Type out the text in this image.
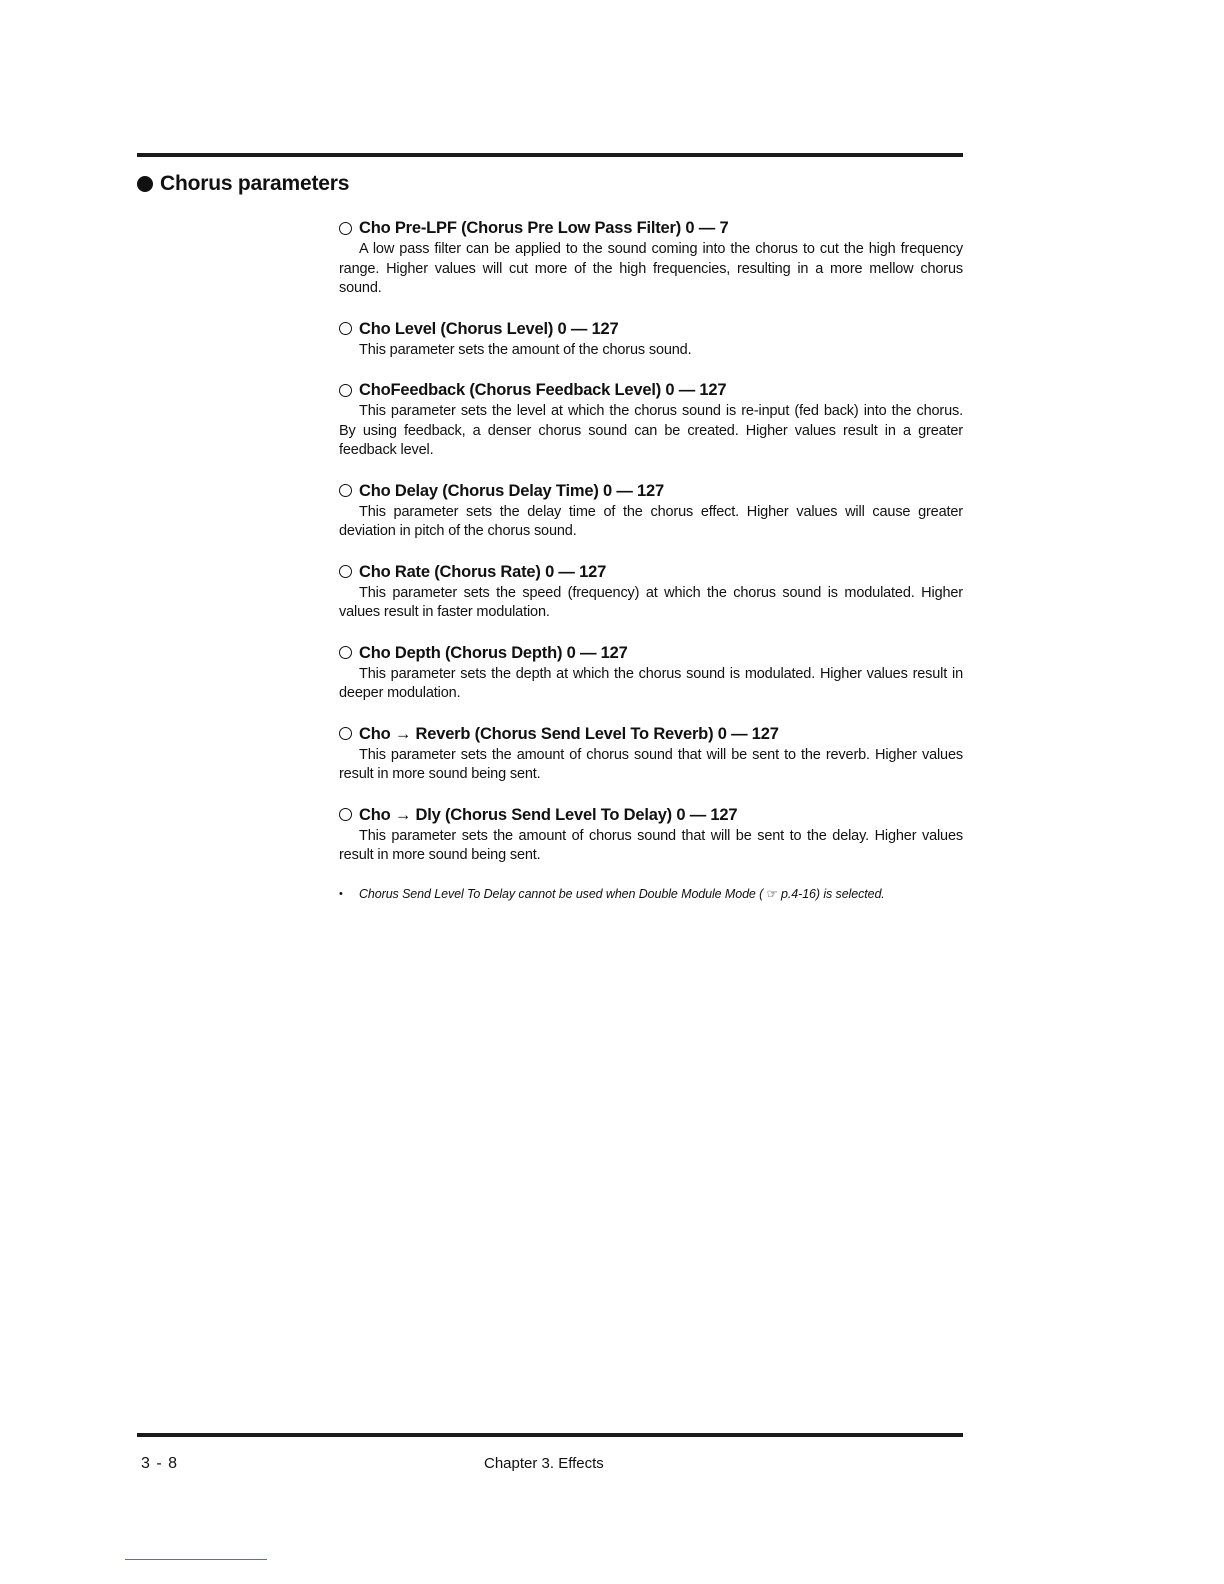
Chorus parameters
Cho Pre-LPF (Chorus Pre Low Pass Filter) 0 — 7

A low pass filter can be applied to the sound coming into the chorus to cut the high frequency range. Higher values will cut more of the high frequencies, resulting in a more mellow chorus sound.

Cho Level (Chorus Level) 0 — 127

This parameter sets the amount of the chorus sound.

ChoFeedback (Chorus Feedback Level) 0 — 127

This parameter sets the level at which the chorus sound is re-input (fed back) into the chorus. By using feedback, a denser chorus sound can be created. Higher values result in a greater feedback level.

Cho Delay (Chorus Delay Time) 0 — 127

This parameter sets the delay time of the chorus effect. Higher values will cause greater deviation in pitch of the chorus sound.

Cho Rate (Chorus Rate) 0 — 127

This parameter sets the speed (frequency) at which the chorus sound is modulated. Higher values result in faster modulation.

Cho Depth (Chorus Depth) 0 — 127

This parameter sets the depth at which the chorus sound is modulated. Higher values result in deeper modulation.

Cho → Reverb (Chorus Send Level To Reverb) 0 — 127

This parameter sets the amount of chorus sound that will be sent to the reverb. Higher values result in more sound being sent.

Cho → Dly (Chorus Send Level To Delay) 0 — 127

This parameter sets the amount of chorus sound that will be sent to the delay. Higher values result in more sound being sent.

•	Chorus Send Level To Delay cannot be used when Double Module Mode ( ☞ p.4-16) is selected.
3 - 8	Chapter 3. Effects
